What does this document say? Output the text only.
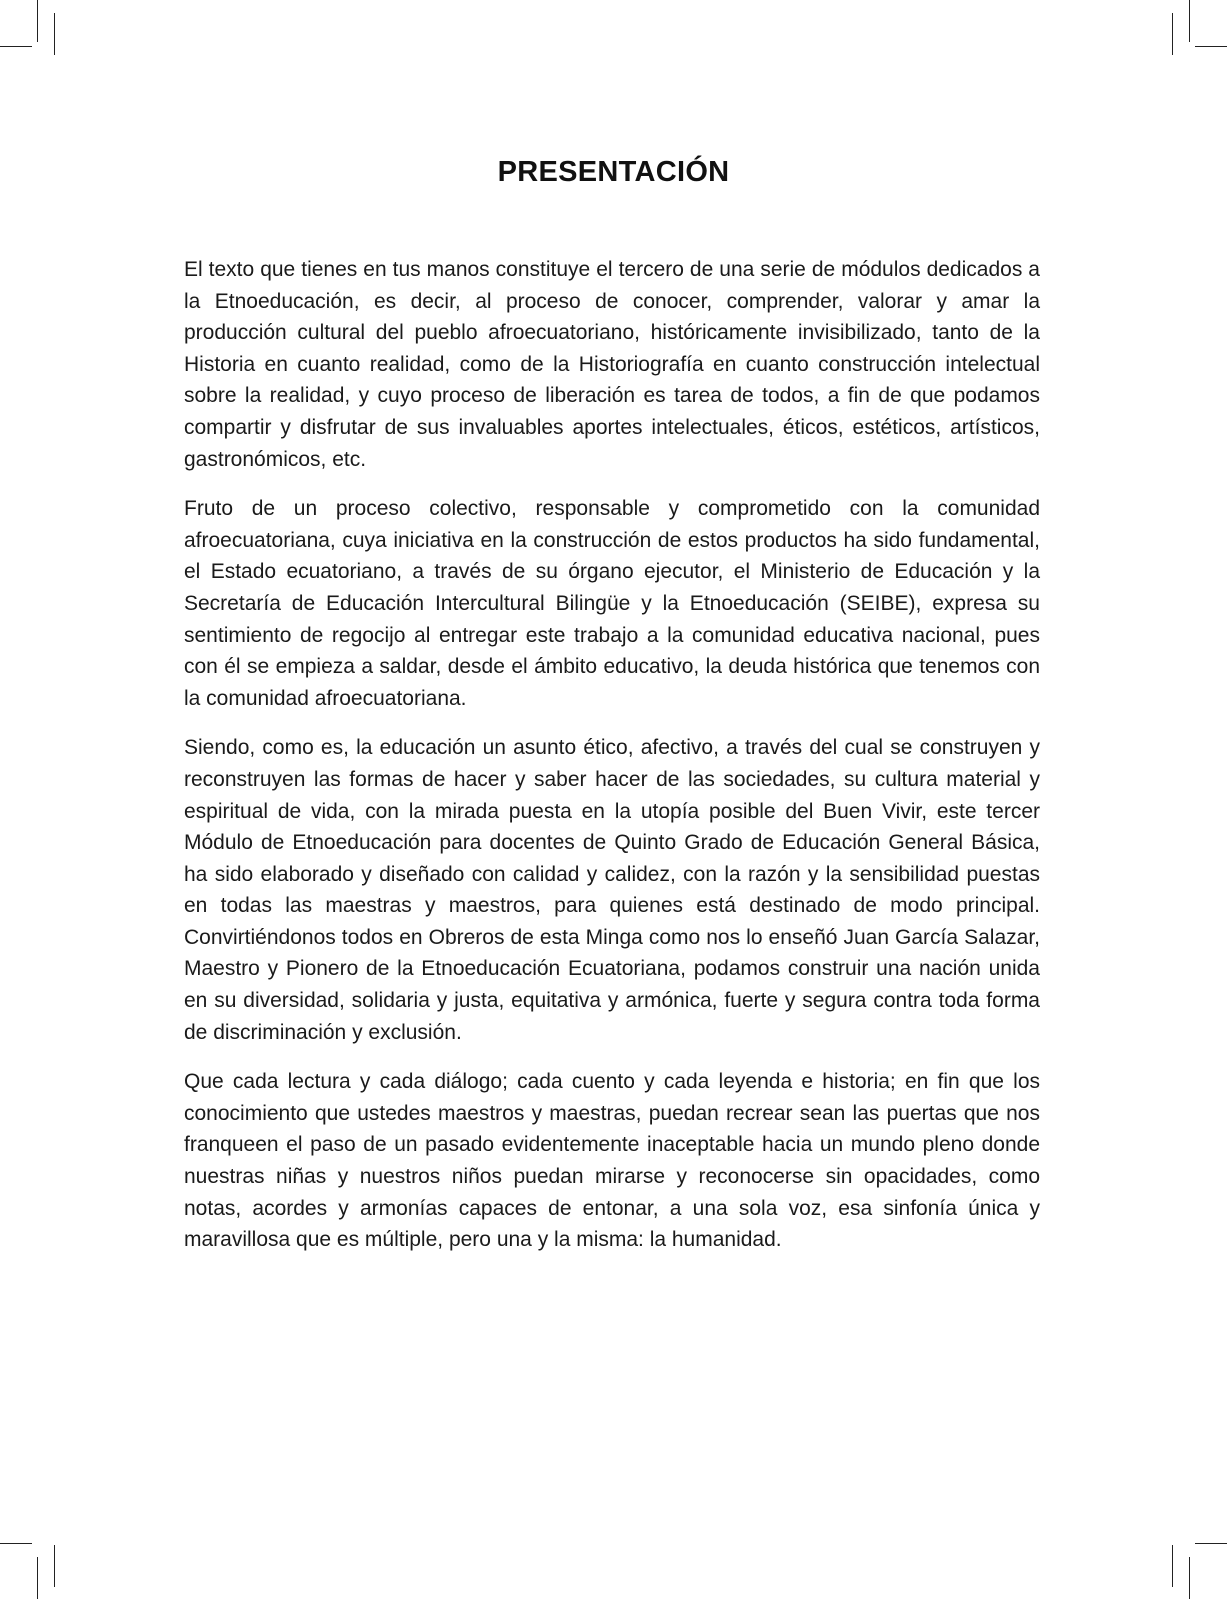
PRESENTACIÓN

El texto que tienes en tus manos constituye el tercero de una serie de módulos dedicados a la Etnoeducación, es decir, al proceso de conocer, comprender, valorar y amar la producción cultural del pueblo afroecuatoriano, históricamente invisibilizado, tanto de la Historia en cuanto realidad, como de la Historiografía en cuanto construcción intelectual sobre la realidad, y cuyo proceso de liberación es tarea de todos, a fin de que podamos compartir y disfrutar de sus invaluables aportes intelectuales, éticos, estéticos, artísticos, gastronómicos, etc.

Fruto de un proceso colectivo, responsable y comprometido con la comunidad afroecuatoriana, cuya iniciativa en la construcción de estos productos ha sido fundamental, el Estado ecuatoriano, a través de su órgano ejecutor, el Ministerio de Educación y la Secretaría de Educación Intercultural Bilingüe y la Etnoeducación (SEIBE), expresa su sentimiento de regocijo al entregar este trabajo a la comunidad educativa nacional, pues con él se empieza a saldar, desde el ámbito educativo, la deuda histórica que tenemos con la comunidad afroecuatoriana.

Siendo, como es, la educación un asunto ético, afectivo, a través del cual se construyen y reconstruyen las formas de hacer y saber hacer de las sociedades, su cultura material y espiritual de vida, con la mirada puesta en la utopía posible del Buen Vivir, este tercer Módulo de Etnoeducación para docentes de Quinto Grado de Educación General Básica, ha sido elaborado y diseñado con calidad y calidez, con la razón y la sensibilidad puestas en todas las maestras y maestros, para quienes está destinado de modo principal. Convirtiéndonos todos en Obreros de esta Minga como nos lo enseñó Juan García Salazar, Maestro y Pionero de la Etnoeducación Ecuatoriana, podamos construir una nación unida en su diversidad, solidaria y justa, equitativa y armónica, fuerte y segura contra toda forma de discriminación y exclusión.

Que cada lectura y cada diálogo; cada cuento y cada leyenda e historia; en fin que los conocimiento que ustedes maestros y maestras, puedan recrear sean las puertas que nos franqueen el paso de un pasado evidentemente inaceptable hacia un mundo pleno donde nuestras niñas y nuestros niños puedan mirarse y reconocerse sin opacidades, como notas, acordes y armonías capaces de entonar, a una sola voz, esa sinfonía única y maravillosa que es múltiple, pero una y la misma: la humanidad.
